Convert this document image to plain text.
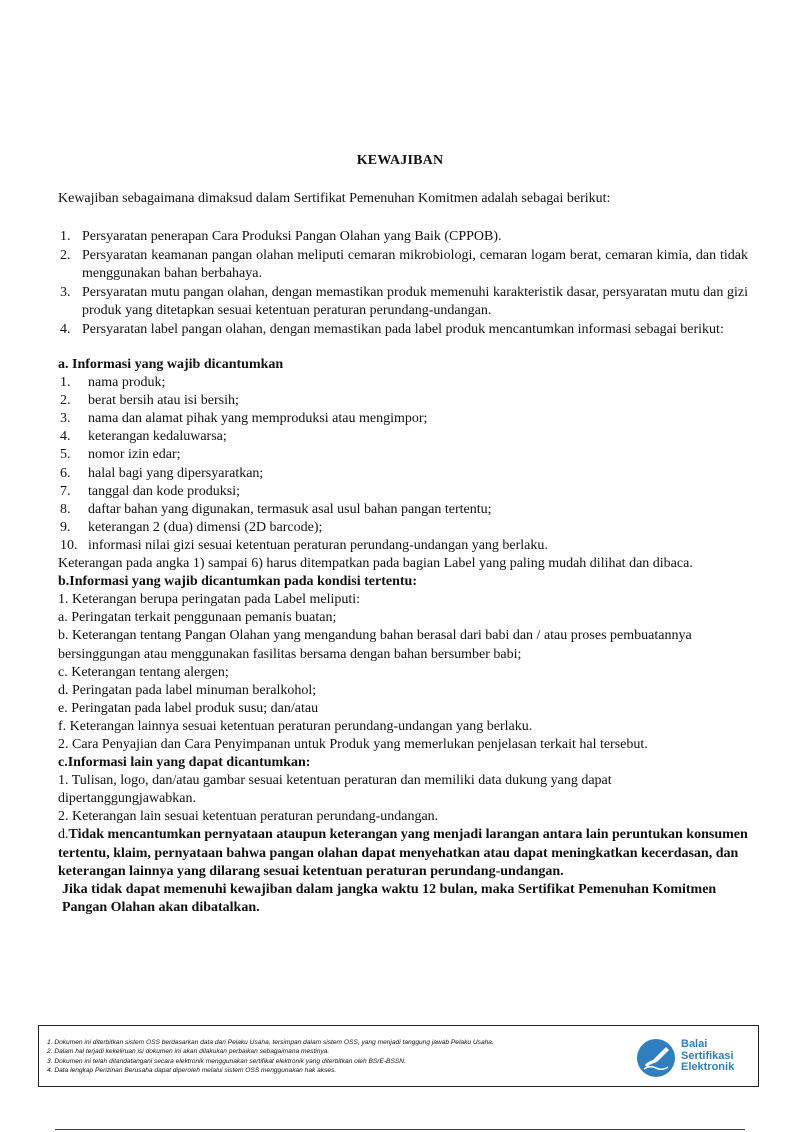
KEWAJIBAN
Kewajiban sebagaimana dimaksud dalam Sertifikat Pemenuhan Komitmen adalah sebagai berikut:
1. Persyaratan penerapan Cara Produksi Pangan Olahan yang Baik (CPPOB).
2. Persyaratan keamanan pangan olahan meliputi cemaran mikrobiologi, cemaran logam berat, cemaran kimia, dan tidak menggunakan bahan berbahaya.
3. Persyaratan mutu pangan olahan, dengan memastikan produk memenuhi karakteristik dasar, persyaratan mutu dan gizi produk yang ditetapkan sesuai ketentuan peraturan perundang-undangan.
4. Persyaratan label pangan olahan, dengan memastikan pada label produk mencantumkan informasi sebagai berikut:
a. Informasi yang wajib dicantumkan
1. nama produk;
2. berat bersih atau isi bersih;
3. nama dan alamat pihak yang memproduksi atau mengimpor;
4. keterangan kedaluwarsa;
5. nomor izin edar;
6. halal bagi yang dipersyaratkan;
7. tanggal dan kode produksi;
8. daftar bahan yang digunakan, termasuk asal usul bahan pangan tertentu;
9. keterangan 2 (dua) dimensi (2D barcode);
10. informasi nilai gizi sesuai ketentuan peraturan perundang-undangan yang berlaku.
Keterangan pada angka 1) sampai 6) harus ditempatkan pada bagian Label yang paling mudah dilihat dan dibaca.
b.Informasi yang wajib dicantumkan pada kondisi tertentu:
1. Keterangan berupa peringatan pada Label meliputi:
a. Peringatan terkait penggunaan pemanis buatan;
b. Keterangan tentang Pangan Olahan yang mengandung bahan berasal dari babi dan / atau proses pembuatannya bersinggungan atau menggunakan fasilitas bersama dengan bahan bersumber babi;
c. Keterangan tentang alergen;
d. Peringatan pada label minuman beralkohol;
e. Peringatan pada label produk susu; dan/atau
f. Keterangan lainnya sesuai ketentuan peraturan perundang-undangan yang berlaku.
2. Cara Penyajian dan Cara Penyimpanan untuk Produk yang memerlukan penjelasan terkait hal tersebut.
c.Informasi lain yang dapat dicantumkan:
1. Tulisan, logo, dan/atau gambar sesuai ketentuan peraturan dan memiliki data dukung yang dapat dipertanggungjawabkan.
2. Keterangan lain sesuai ketentuan peraturan perundang-undangan.
d.Tidak mencantumkan pernyataan ataupun keterangan yang menjadi larangan antara lain peruntukan konsumen tertentu, klaim, pernyataan bahwa pangan olahan dapat menyehatkan atau dapat meningkatkan kecerdasan, dan keterangan lainnya yang dilarang sesuai ketentuan peraturan perundang-undangan.
Jika tidak dapat memenuhi kewajiban dalam jangka waktu 12 bulan, maka Sertifikat Pemenuhan Komitmen Pangan Olahan akan dibatalkan.
1. Dokumen ini diterbitkan sistem OSS berdasarkan data dari Pelaku Usaha, tersimpan dalam sistem OSS, yang menjadi tanggung jawab Pelaku Usaha.
2. Dalam hal terjadi kekeliruan isi dokumen ini akan dilakukan perbaikan sebagaimana mestinya.
3. Dokumen ini telah ditandatangani secara elektronik menggunakan sertifikat elektronik yang diterbitkan oleh BSrE-BSSN.
4. Data lengkap Perizinan Berusaha dapat diperoleh melalui sistem OSS menggunakan hak akses.
Balai
Sertifikasi
Elektronik
